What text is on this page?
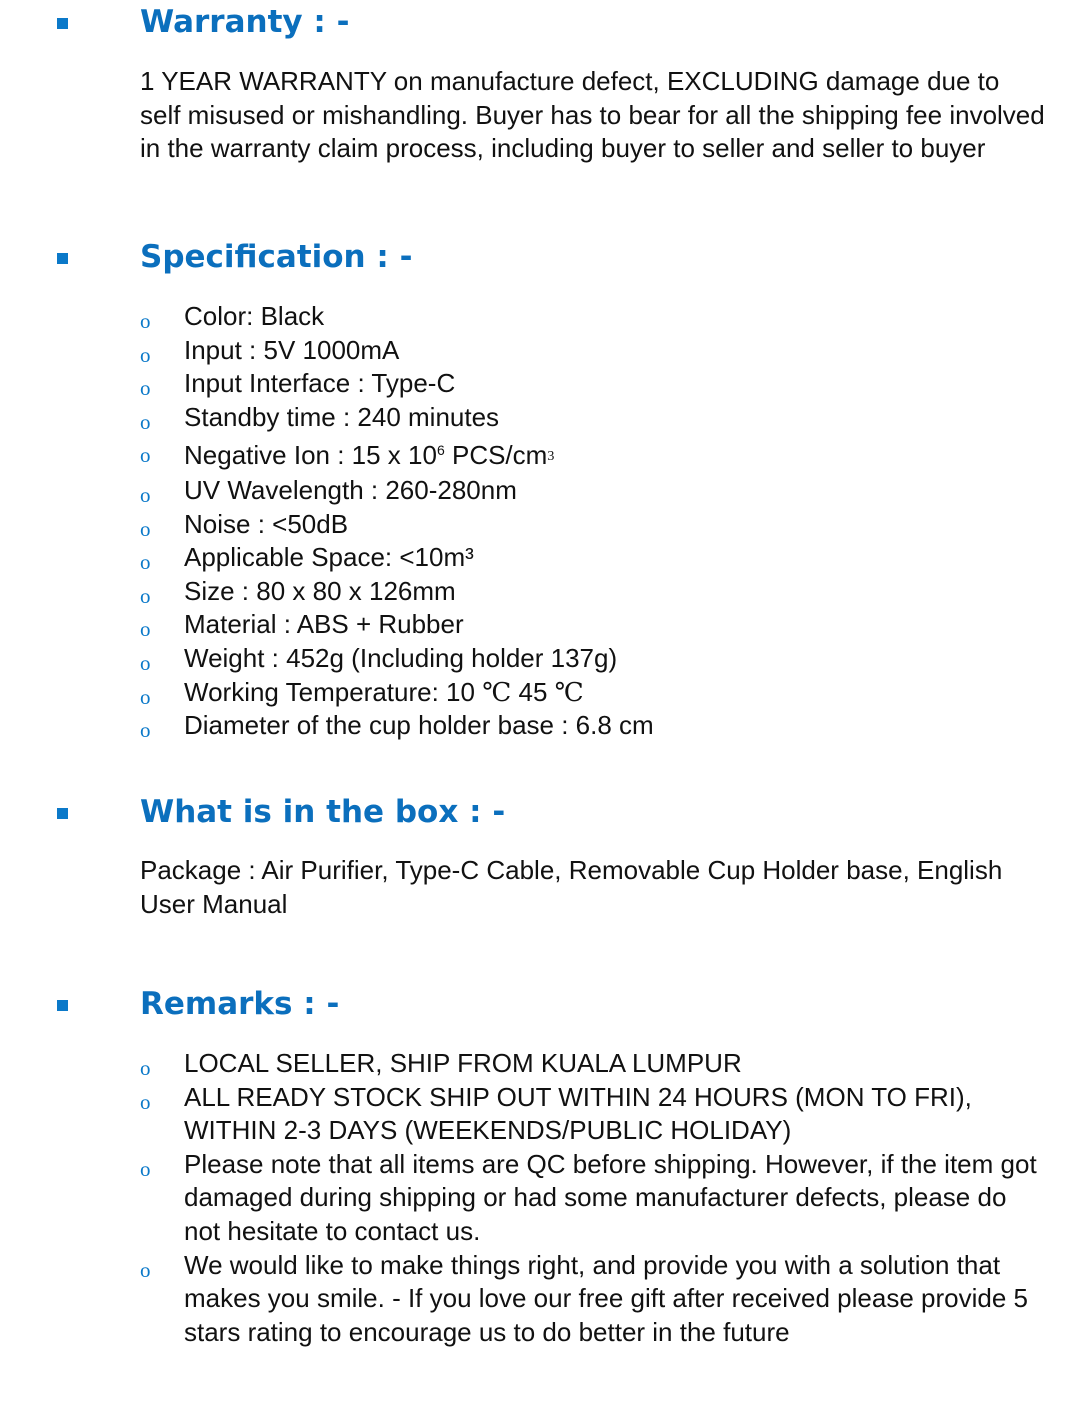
Warranty : -

1 YEAR WARRANTY on manufacture defect, EXCLUDING damage due to self misused or mishandling. Buyer has to bear for all the shipping fee involved in the warranty claim process, including buyer to seller and seller to buyer

Specification : -
o Color: Black
o Input : 5V 1000mA
o Input Interface : Type-C
o Standby time : 240 minutes
o Negative Ion : 15 x $10^6$ PCS/cm3
o UV Wavelength : 260-280nm
o Noise : <50dB
o Applicable Space: <10m³
o Size : 80 x 80 x 126mm
o Material : ABS + Rubber
o Weight : 452g (Including holder 137g)
o Working Temperature: 10 ℃ 45 ℃
o Diameter of the cup holder base : 6.8 cm
What is in the box : -

Package : Air Purifier, Type-C Cable, Removable Cup Holder base, English User Manual

Remarks : -
o LOCAL SELLER, SHIP FROM KUALA LUMPUR
o ALL READY STOCK SHIP OUT WITHIN 24 HOURS (MON TO FRI), WITHIN 2-3 DAYS (WEEKENDS/PUBLIC HOLIDAY)
o Please note that all items are QC before shipping. However, if the item got damaged during shipping or had some manufacturer defects, please do not hesitate to contact us.
o We would like to make things right, and provide you with a solution that makes you smile. - If you love our free gift after received please provide 5 stars rating to encourage us to do better in the future
